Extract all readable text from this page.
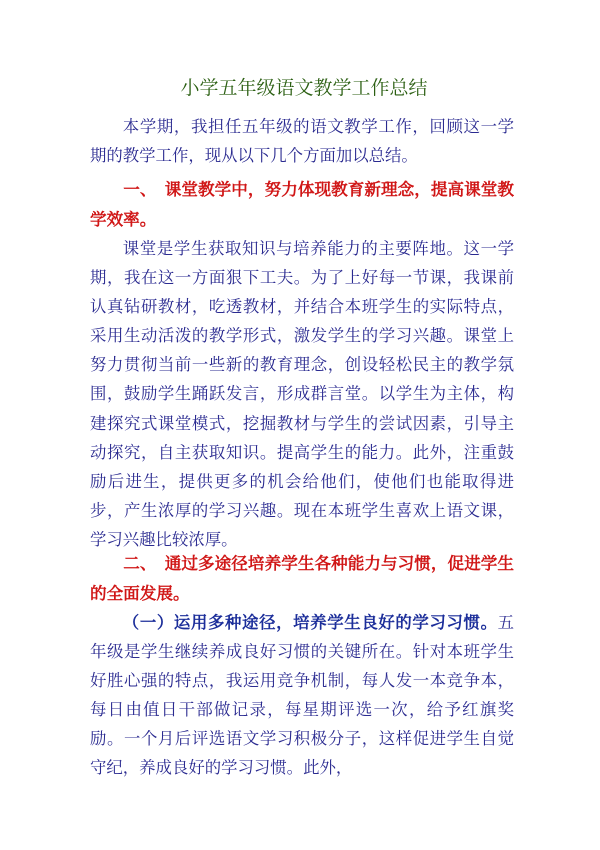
小学五年级语文教学工作总结

本学期，我担任五年级的语文教学工作，回顾这一学期的教学工作，现从以下几个方面加以总结。

一、　课堂教学中，努力体现教育新理念，提高课堂教学效率。

课堂是学生获取知识与培养能力的主要阵地。这一学期，我在这一方面狠下工夫。为了上好每一节课，我课前认真钻研教材，吃透教材，并结合本班学生的实际特点，采用生动活泼的教学形式，激发学生的学习兴趣。课堂上努力贯彻当前一些新的教育理念，创设轻松民主的教学氛围，鼓励学生踊跃发言，形成群言堂。以学生为主体，构建探究式课堂模式，挖掘教材与学生的尝试因素，引导主动探究，自主获取知识。提高学生的能力。此外，注重鼓励后进生，提供更多的机会给他们，使他们也能取得进步，产生浓厚的学习兴趣。现在本班学生喜欢上语文课，学习兴趣比较浓厚。

二、　通过多途径培养学生各种能力与习惯，促进学生的全面发展。

（一）运用多种途径，培养学生良好的学习习惯。五年级是学生继续养成良好习惯的关键所在。针对本班学生好胜心强的特点，我运用竞争机制，每人发一本竞争本，每日由值日干部做记录，每星期评选一次，给予红旗奖励。一个月后评选语文学习积极分子，这样促进学生自觉守纪，养成良好的学习习惯。此外，
